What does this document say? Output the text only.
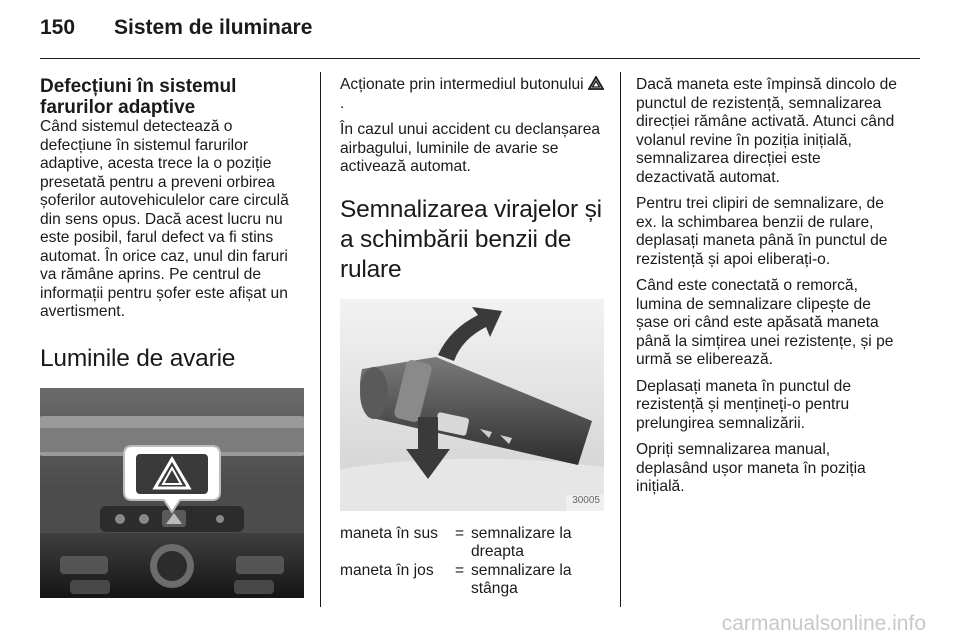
150 Sistem de iluminare
Defecțiuni în sistemul farurilor adaptive

Când sistemul detectează o defecțiune în sistemul farurilor adaptive, acesta trece la o poziție presetată pentru a preveni orbirea șoferilor autovehiculelor care circulă din sens opus. Dacă acest lucru nu este posibil, farul defect va fi stins automat. În orice caz, unul din faruri va rămâne aprins. Pe centrul de informații pentru șofer este afișat un avertisment.

Luminile de avarie

Acționate prin intermediul butonului .

În cazul unui accident cu declanșarea airbagului, luminile de avarie se activează automat.

Semnalizarea virajelor și a schimbării benzii de rulare
30005
maneta în sus	=	semnalizare la dreapta
maneta în jos	=	semnalizare la stânga

Dacă maneta este împinsă dincolo de punctul de rezistență, semnalizarea direcției rămâne activată. Atunci când volanul revine în poziția inițială, semnalizarea direcției este dezactivată automat.

Pentru trei clipiri de semnalizare, de ex. la schimbarea benzii de rulare, deplasați maneta până în punctul de rezistență și apoi eliberați-o.

Când este conectată o remorcă, lumina de semnalizare clipește de șase ori când este apăsată maneta până la simțirea unei rezistențe, și pe urmă se eliberează.

Deplasați maneta în punctul de rezistență și mențineți-o pentru prelungirea semnalizării.

Opriți semnalizarea manual, deplasând ușor maneta în poziția inițială.

carmanualsonline.info
